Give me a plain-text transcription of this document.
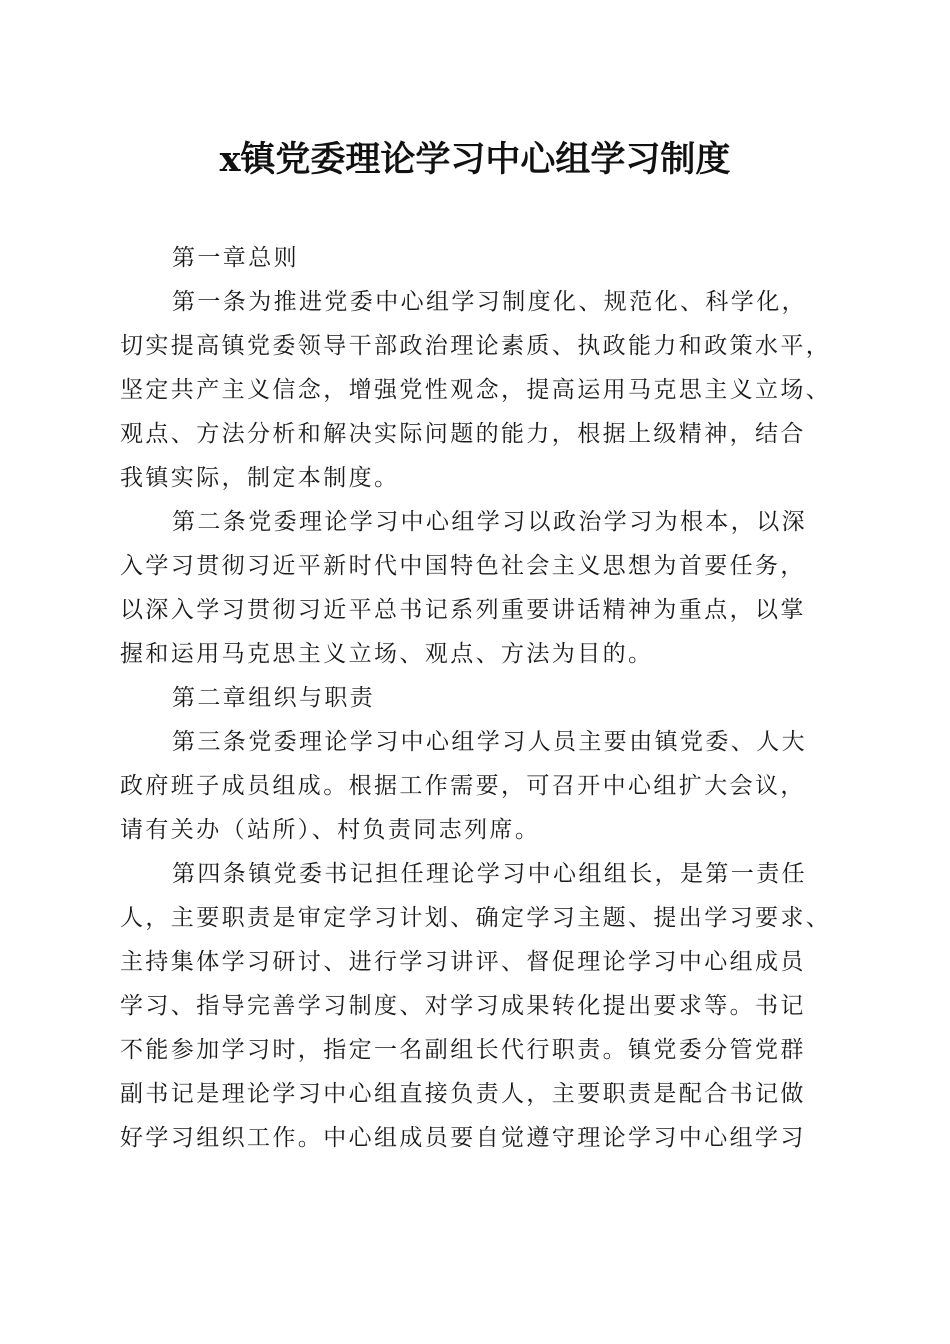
x镇党委理论学习中心组学习制度
第一章总则
第一条为推进党委中心组学习制度化、规范化、科学化，
切实提高镇党委领导干部政治理论素质、执政能力和政策水平，
坚定共产主义信念，增强党性观念，提高运用马克思主义立场、
观点、方法分析和解决实际问题的能力，根据上级精神，结合
我镇实际，制定本制度。
第二条党委理论学习中心组学习以政治学习为根本，以深
入学习贯彻习近平新时代中国特色社会主义思想为首要任务，
以深入学习贯彻习近平总书记系列重要讲话精神为重点，以掌
握和运用马克思主义立场、观点、方法为目的。
第二章组织与职责
第三条党委理论学习中心组学习人员主要由镇党委、人大
政府班子成员组成。根据工作需要，可召开中心组扩大会议，
请有关办（站所）、村负责同志列席。
第四条镇党委书记担任理论学习中心组组长，是第一责任
人，主要职责是审定学习计划、确定学习主题、提出学习要求、
主持集体学习研讨、进行学习讲评、督促理论学习中心组成员
学习、指导完善学习制度、对学习成果转化提出要求等。书记
不能参加学习时，指定一名副组长代行职责。镇党委分管党群
副书记是理论学习中心组直接负责人，主要职责是配合书记做
好学习组织工作。中心组成员要自觉遵守理论学习中心组学习
